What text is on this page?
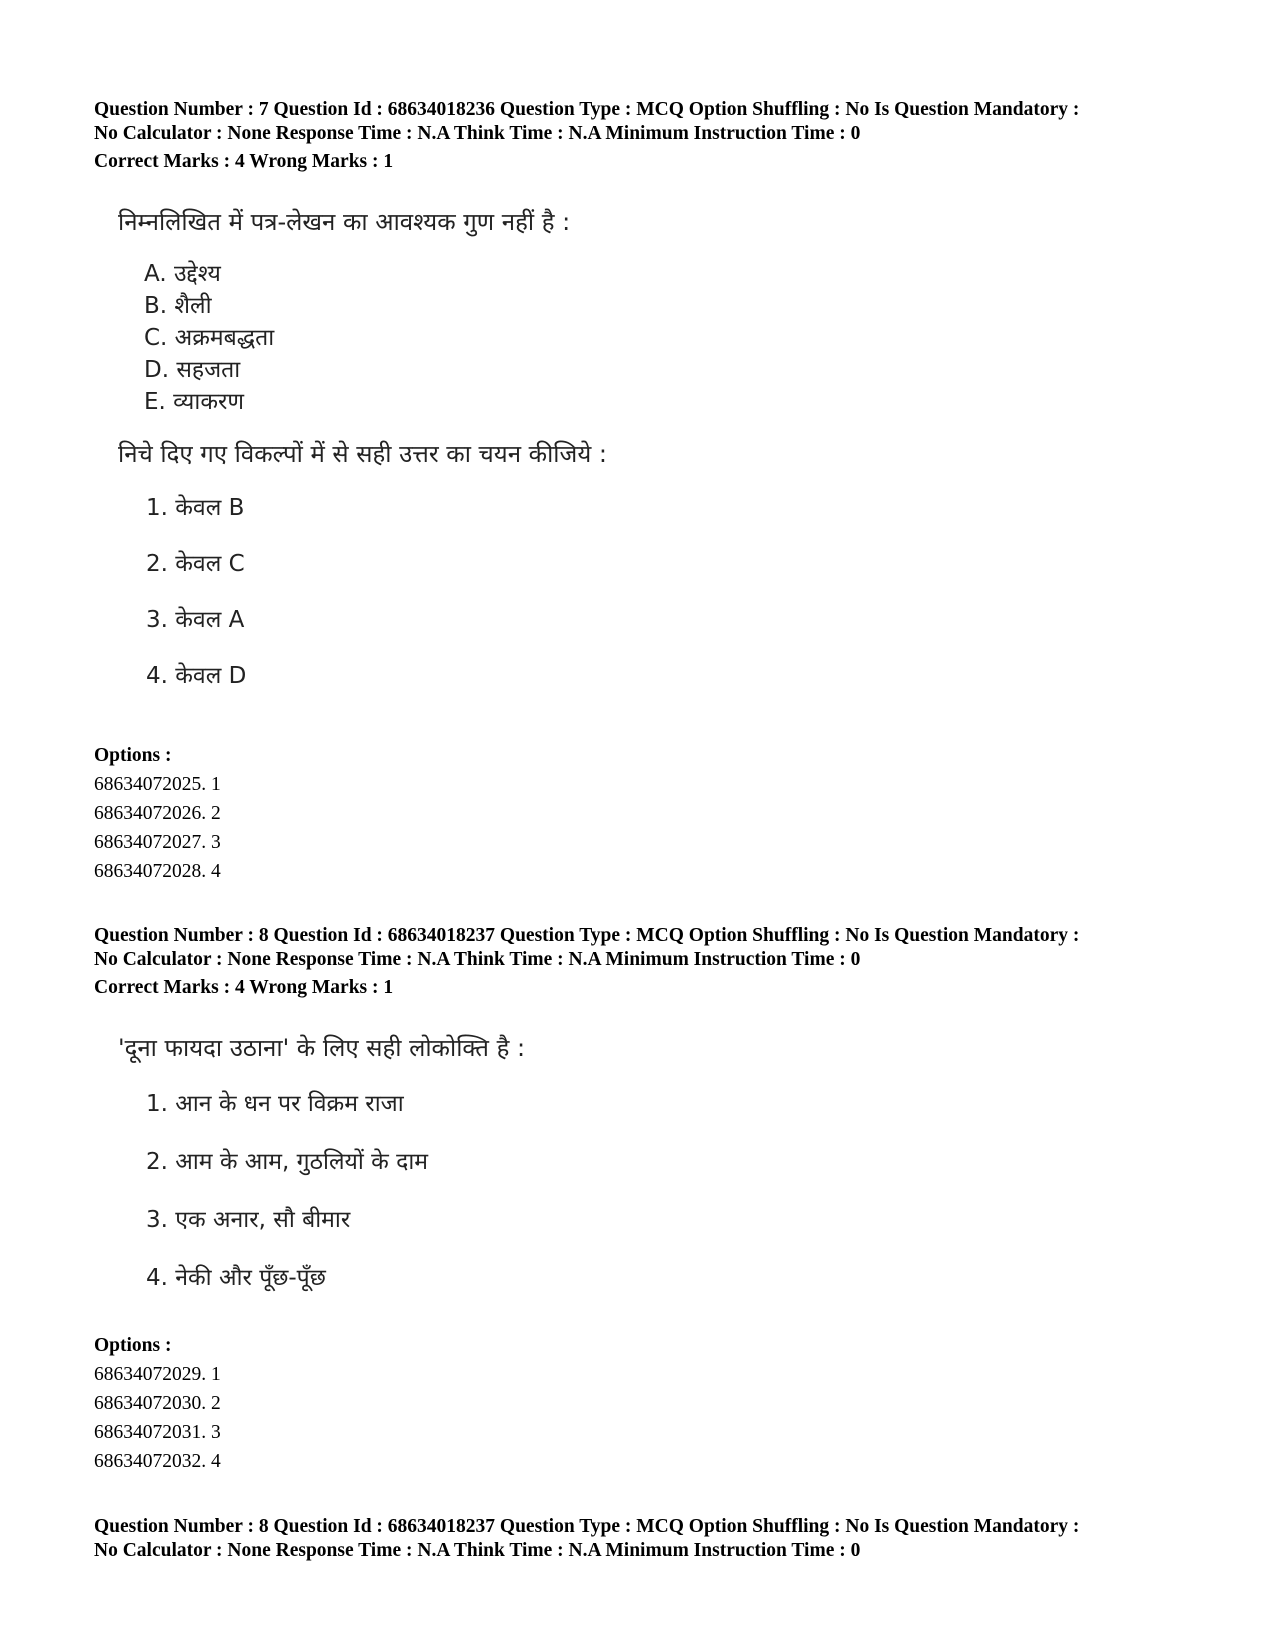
Question Number : 7 Question Id : 68634018236 Question Type : MCQ Option Shuffling : No Is Question Mandatory :

No Calculator : None Response Time : N.A Think Time : N.A Minimum Instruction Time : 0

Correct Marks : 4 Wrong Marks : 1

निम्नलिखित में पत्र-लेखन का आवश्यक गुण नहीं है :

A. उद्देश्य

B. शैली

C. अक्रमबद्धता

D. सहजता

E. व्याकरण

निचे दिए गए विकल्पों में से सही उत्तर का चयन कीजिये :

1. केवल B

2. केवल C

3. केवल A

4. केवल D

Options :

68634072025. 1

68634072026. 2

68634072027. 3

68634072028. 4

Question Number : 8 Question Id : 68634018237 Question Type : MCQ Option Shuffling : No Is Question Mandatory :

No Calculator : None Response Time : N.A Think Time : N.A Minimum Instruction Time : 0

Correct Marks : 4 Wrong Marks : 1

'दूना फायदा उठाना' के लिए सही लोकोक्ति है :

1. आन के धन पर विक्रम राजा

2. आम के आम, गुठलियों के दाम

3. एक अनार, सौ बीमार

4. नेकी और पूँछ-पूँछ

Options :

68634072029. 1

68634072030. 2

68634072031. 3

68634072032. 4

Question Number : 8 Question Id : 68634018237 Question Type : MCQ Option Shuffling : No Is Question Mandatory :

No Calculator : None Response Time : N.A Think Time : N.A Minimum Instruction Time : 0
